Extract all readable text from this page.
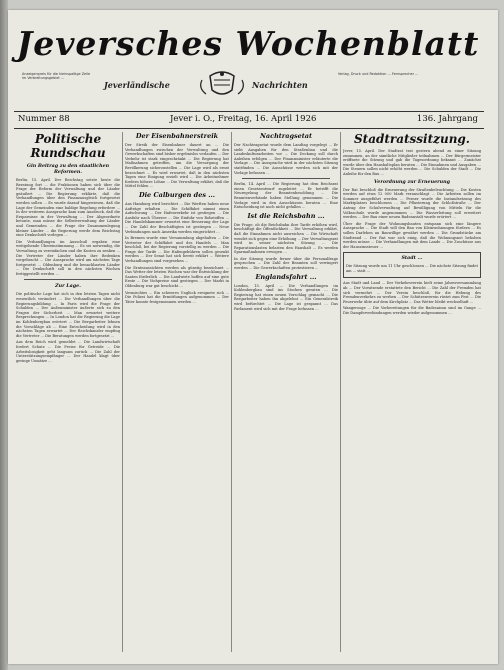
Jeversches Wochenblatt
Anzeigenpreis für die kleinspaltige Zeile im Verbreitungsgebiet ...
Verlag, Druck und Redaktion ... Fernsprecher ...
Jeverländische	Nachrichten
Nummer 88	Jever i. O., Freitag, 16. April 1926	136. Jahrgang
Politische Rundschau
Gin Beitrag zu den staatlichen Reformen.
Berlin, 15. April. Der Reichstag setzte heute die Beratung fort ... die Fraktionen haben sich über die Frage der Reform der Verwaltung und der Länder geäußert ... Die Regierung erklärte, daß die Verhandlungen über den Finanzausgleich fortgesetzt werden sollen ... Es wurde darauf hingewiesen, daß die Lage der Gemeinden eine baldige Regelung erfordere ... In der weiteren Aussprache kam zum Ausdruck, daß die Ersparnisse in der Verwaltung ... Der Abgeordnete betonte, man müsse die Selbstverwaltung der Länder und Gemeinden ... die Frage der Zusammenlegung kleiner Länder ... die Regierung werde dem Reichstag eine Denkschrift vorlegen ...
Die Verhandlungen im Ausschuß ergaben eine weitgehende Übereinstimmung ... Es sei notwendig, die Verwaltung zu vereinfachen und die Kosten zu senken ... Die Vertreter der Länder haben ihre Bedenken vorgebracht ... Die Aussprache wird am nächsten Tage fortgesetzt ... Oldenburg und die benachbarten Länder ... Die Denkschrift soll in den nächsten Wochen fertiggestellt werden ...
Zur Lage.
Die politische Lage hat sich in den letzten Tagen nicht wesentlich verändert ... Die Verhandlungen über die Regierungsbildung ... In Paris wird die Frage der Schulden ... Der Außenminister äußerte sich zu den Fragen der Sicherheit ... Man erwartet weitere Besprechungen ... In London hat die Regierung die Lage im Kohlenbergbau erörtert ... Die Bergarbeiter lehnen die Vorschläge ab ... Eine Entscheidung wird in den nächsten Tagen erwartet ... Der Reichskanzler empfing die Vertreter ... Die Beratungen werden fortgesetzt ...
Aus dem Reich wird gemeldet ... Die Landwirtschaft fordert Schutz ... Die Preise für Getreide ... Die Arbeitslosigkeit geht langsam zurück ... Die Zahl der Unterstützungsempfänger ... Der Handel klagt über geringe Umsätze ...
Der Eisenbahnerstreik
Der Streik der Eisenbahner dauert an ... Die Verhandlungen zwischen der Verwaltung und den Gewerkschaften sind bisher ergebnislos verlaufen ... Der Verkehr ist stark eingeschränkt ... Die Regierung hat Maßnahmen getroffen, um die Versorgung der Bevölkerung sicherzustellen ... Die Lage wird als ernst bezeichnet ... Es wird erwartet, daß in den nächsten Tagen eine Einigung erzielt wird ... Die Arbeitnehmer fordern höhere Löhne ... Die Verwaltung erklärt, daß die Mittel fehlen ...
Die Calburgen des ...
Aus Hamburg wird berichtet ... Die Werften haben neue Aufträge erhalten ... Die Schiffahrt nimmt einen Aufschwung ... Der Hafenverkehr ist gestiegen ... Die Ausfuhr nach Übersee ... Die Einfuhr von Rohstoffen ... Die Handelskammer erwartet eine Besserung der Lage ... Die Zahl der Beschäftigten ist gestiegen ... Neue Verbindungen nach Amerika werden eingerichtet ...
In Bremen wurde eine Versammlung abgehalten ... Die Vertreter der Schiffahrt und des Handels ... Man beschloß, bei der Regierung vorstellig zu werden ... Die Frage der Tarife ... Die Hafengebühren sollen gesenkt werden ... Der Senat hat sich bereit erklärt ... Weitere Verhandlungen sind vorgesehen ...
Die Ernteaussichten werden als günstig bezeichnet ... Das Wetter der letzten Wochen war der Entwicklung der Saaten förderlich ... Die Landwirte hoffen auf eine gute Ernte ... Die Viehpreise sind gestiegen ... Der Markt in Oldenburg war gut beschickt ...
Vermischtes ... Ein schweres Unglück ereignete sich ... Die Polizei hat die Ermittlungen aufgenommen ... Der Täter konnte festgenommen werden ...
Nachtragsetat
Der Nachtragsetat wurde dem Landtag vorgelegt ... Er sieht Ausgaben für den Straßenbau und die Landeskulturarbeiten vor ... Die Deckung soll durch Anleihen erfolgen ... Der Finanzminister erläuterte die Vorlage ... Die Aussprache wird in der nächsten Sitzung stattfinden ... Die Ausschüsse werden sich mit der Vorlage befassen ...
Berlin, 14. April ... Die Regierung hat dem Reichsrat einen Gesetzentwurf zugeleitet ... Er betrifft die Neuregelung der Beamtenbesoldung ... Die Beamtenverbände haben Stellung genommen ... Die Vorlage wird in den Ausschüssen beraten ... Eine Entscheidung ist noch nicht gefallen ...
Ist die Reichsbahn ...
Die Frage, ob die Reichsbahn ihre Tarife erhöhen wird, beschäftigt die Öffentlichkeit ... Die Verwaltung erklärt, daß die Einnahmen nicht ausreichen ... Die Wirtschaft wendet sich gegen eine Erhöhung ... Der Verwaltungsrat wird in seiner nächsten Sitzung ... Die Reparationslasten belasten den Haushalt ... Es werden Sparmaßnahmen erwogen ...
In der Sitzung wurde ferner über die Personalfrage gesprochen ... Die Zahl der Beamten soll verringert werden ... Die Gewerkschaften protestieren ...
Englandsfahrt ...
London, 15. April ... Die Verhandlungen im Kohlenbergbau sind ins Stocken geraten ... Die Regierung hat einen neuen Vorschlag gemacht ... Die Bergarbeiter haben ihn abgelehnt ... Ein Generalstreik wird befürchtet ... Die Lage ist gespannt ... Das Parlament wird sich mit der Frage befassen ...
Stadtratssitzung.
Jever, 15. April. Der Stadtrat trat gestern abend zu einer Sitzung zusammen, an der sämtliche Mitglieder teilnahmen ... Der Bürgermeister eröffnete die Sitzung und gab die Tagesordnung bekannt ... Zunächst wurde über den Haushaltsplan beraten ... Die Einnahmen und Ausgaben ... Die Steuern sollen nicht erhöht werden ... Die Schulden der Stadt ... Die Anleihe für den Bau ...
Verordnung zur Erneuerung
Der Rat beschloß die Erneuerung der Straßenbeleuchtung ... Die Kosten werden auf etwa 12 000 Mark veranschlagt ... Die Arbeiten sollen im Sommer ausgeführt werden ... Ferner wurde die Instandsetzung des Marktplatzes beschlossen ... Die Pflasterung der Schloßstraße ... Der Antrag der Schulverwaltung auf Bewilligung von Mitteln für die Volksschule wurde angenommen ... Die Wasserleitung soll erweitert werden ... Der Bau einer neuen Badeanstalt wurde erörtert ...
Über die Frage der Wohnungsbauten entspann sich eine längere Aussprache ... Die Stadt will den Bau von Kleinwohnungen fördern ... Es sollen Darlehen an Bauwillige gewährt werden ... Die Grundstücke am Stadtrand ... Der Rat war sich einig, daß die Wohnungsnot behoben werden müsse ... Die Verhandlungen mit dem Lande ... Die Zuschüsse aus der Hauszinssteuer ...
Stadt ...
Die Sitzung wurde um 11 Uhr geschlossen ... Die nächste Sitzung findet am ... statt ...
Aus Stadt und Land ... Der Verkehrsverein hielt seine Jahresversammlung ab ... Der Vorsitzende erstattete den Bericht ... Die Zahl der Fremden hat sich vermehrt ... Der Verein beschloß, für die Hebung des Fremdenverkehrs zu werben ... Der Schützenverein rüstet zum Fest ... Die Feuerwehr übte auf dem Kirchplatz ... Das Wetter bleibt wechselhaft ...
Wangerooge ... Die Vorbereitungen für die Badesaison sind im Gange ... Die Dampferverbindungen werden wieder aufgenommen ...
